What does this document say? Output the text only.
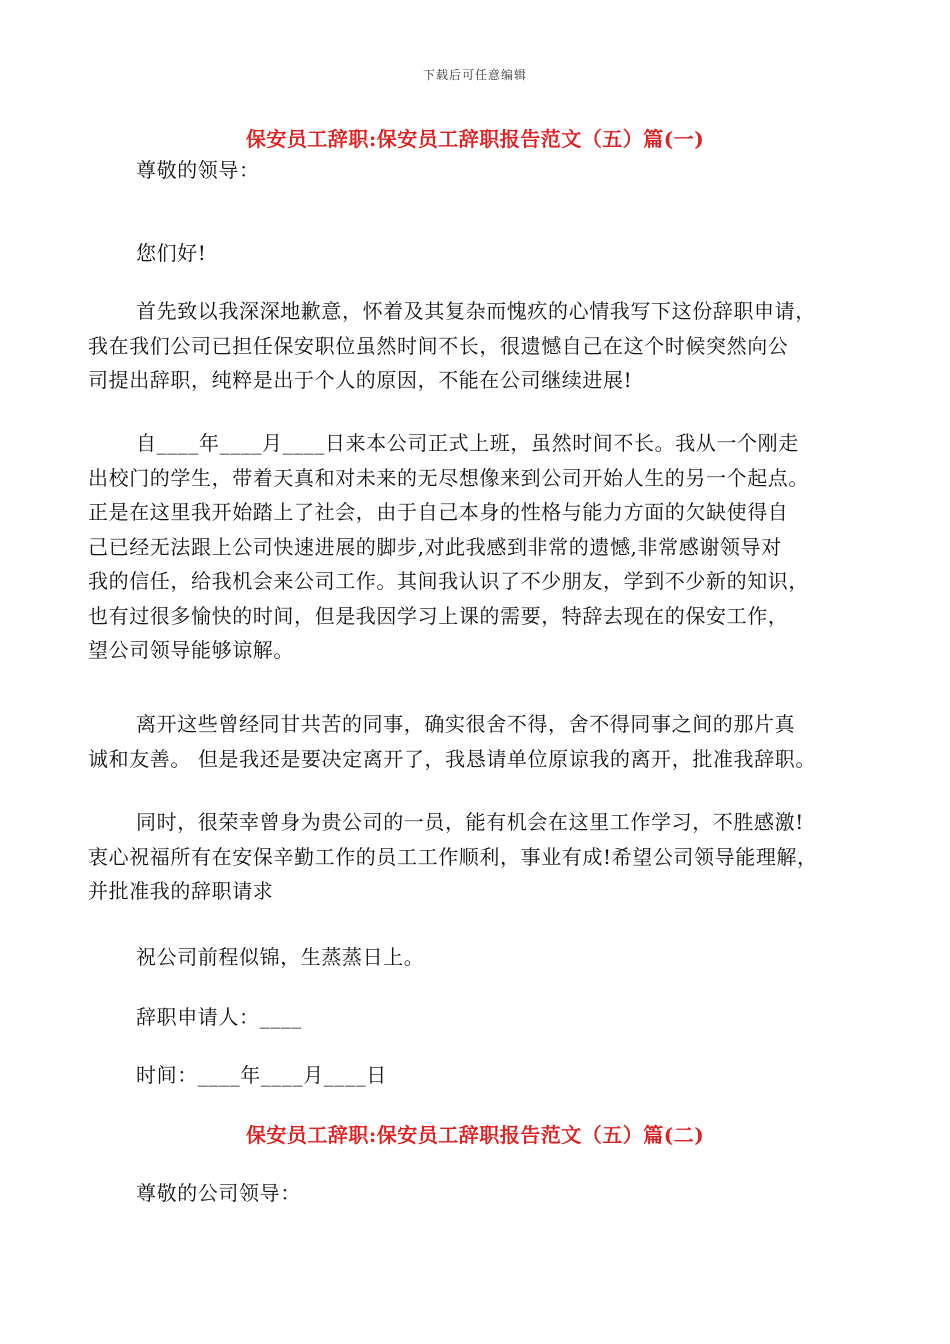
下载后可任意编辑
保安员工辞职:保安员工辞职报告范文（五）篇(一)
尊敬的领导：
您们好!
首先致以我深深地歉意，怀着及其复杂而愧疚的心情我写下这份辞职申请，
我在我们公司已担任保安职位虽然时间不长，很遗憾自己在这个时候突然向公
司提出辞职，纯粹是出于个人的原因，不能在公司继续进展!
自____年____月____日来本公司正式上班，虽然时间不长。我从一个刚走
出校门的学生，带着天真和对未来的无尽想像来到公司开始人生的另一个起点。
正是在这里我开始踏上了社会，由于自己本身的性格与能力方面的欠缺使得自
己已经无法跟上公司快速进展的脚步,对此我感到非常的遗憾,非常感谢领导对
我的信任，给我机会来公司工作。其间我认识了不少朋友，学到不少新的知识，
也有过很多愉快的时间，但是我因学习上课的需要，特辞去现在的保安工作，
望公司领导能够谅解。
离开这些曾经同甘共苦的同事，确实很舍不得，舍不得同事之间的那片真
诚和友善。 但是我还是要决定离开了，我恳请单位原谅我的离开，批准我辞职。
同时，很荣幸曾身为贵公司的一员，能有机会在这里工作学习，不胜感激!
衷心祝福所有在安保辛勤工作的员工工作顺利，事业有成!希望公司领导能理解，
并批准我的辞职请求
祝公司前程似锦，生蒸蒸日上。
辞职申请人：____
时间：____年____月____日
保安员工辞职:保安员工辞职报告范文（五）篇(二)
尊敬的公司领导：
